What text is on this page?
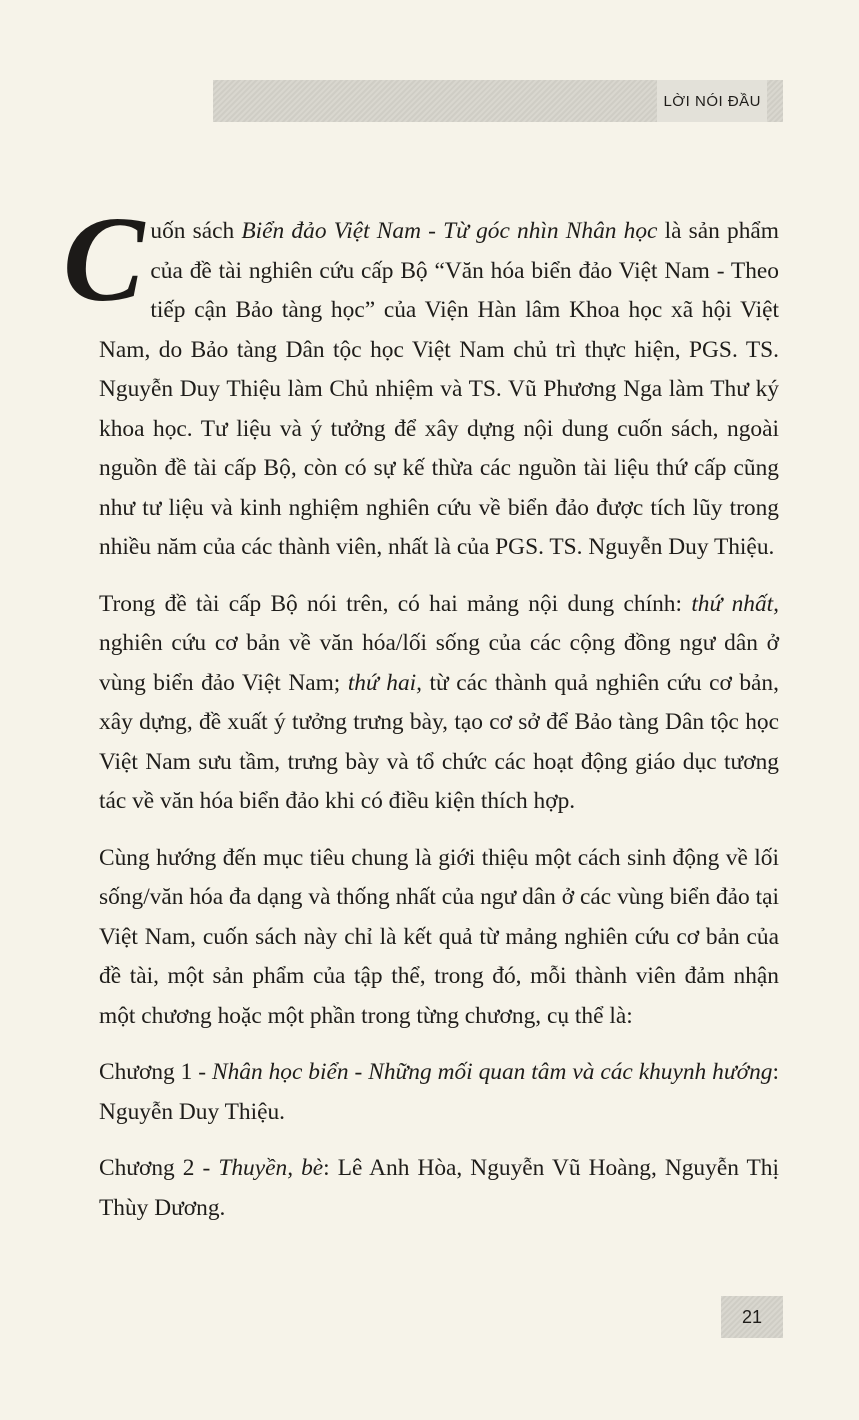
LỜI NÓI ĐẦU

Cuốn sách Biển đảo Việt Nam - Từ góc nhìn Nhân học là sản phẩm của đề tài nghiên cứu cấp Bộ “Văn hóa biển đảo Việt Nam - Theo tiếp cận Bảo tàng học” của Viện Hàn lâm Khoa học xã hội Việt Nam, do Bảo tàng Dân tộc học Việt Nam chủ trì thực hiện, PGS. TS. Nguyễn Duy Thiệu làm Chủ nhiệm và TS. Vũ Phương Nga làm Thư ký khoa học. Tư liệu và ý tưởng để xây dựng nội dung cuốn sách, ngoài nguồn đề tài cấp Bộ, còn có sự kế thừa các nguồn tài liệu thứ cấp cũng như tư liệu và kinh nghiệm nghiên cứu về biển đảo được tích lũy trong nhiều năm của các thành viên, nhất là của PGS. TS. Nguyễn Duy Thiệu.

Trong đề tài cấp Bộ nói trên, có hai mảng nội dung chính: thứ nhất, nghiên cứu cơ bản về văn hóa/lối sống của các cộng đồng ngư dân ở vùng biển đảo Việt Nam; thứ hai, từ các thành quả nghiên cứu cơ bản, xây dựng, đề xuất ý tưởng trưng bày, tạo cơ sở để Bảo tàng Dân tộc học Việt Nam sưu tầm, trưng bày và tổ chức các hoạt động giáo dục tương tác về văn hóa biển đảo khi có điều kiện thích hợp.

Cùng hướng đến mục tiêu chung là giới thiệu một cách sinh động về lối sống/văn hóa đa dạng và thống nhất của ngư dân ở các vùng biển đảo tại Việt Nam, cuốn sách này chỉ là kết quả từ mảng nghiên cứu cơ bản của đề tài, một sản phẩm của tập thể, trong đó, mỗi thành viên đảm nhận một chương hoặc một phần trong từng chương, cụ thể là:

Chương 1 - Nhân học biển - Những mối quan tâm và các khuynh hướng: Nguyễn Duy Thiệu.

Chương 2 - Thuyền, bè: Lê Anh Hòa, Nguyễn Vũ Hoàng, Nguyễn Thị Thùy Dương.

21
